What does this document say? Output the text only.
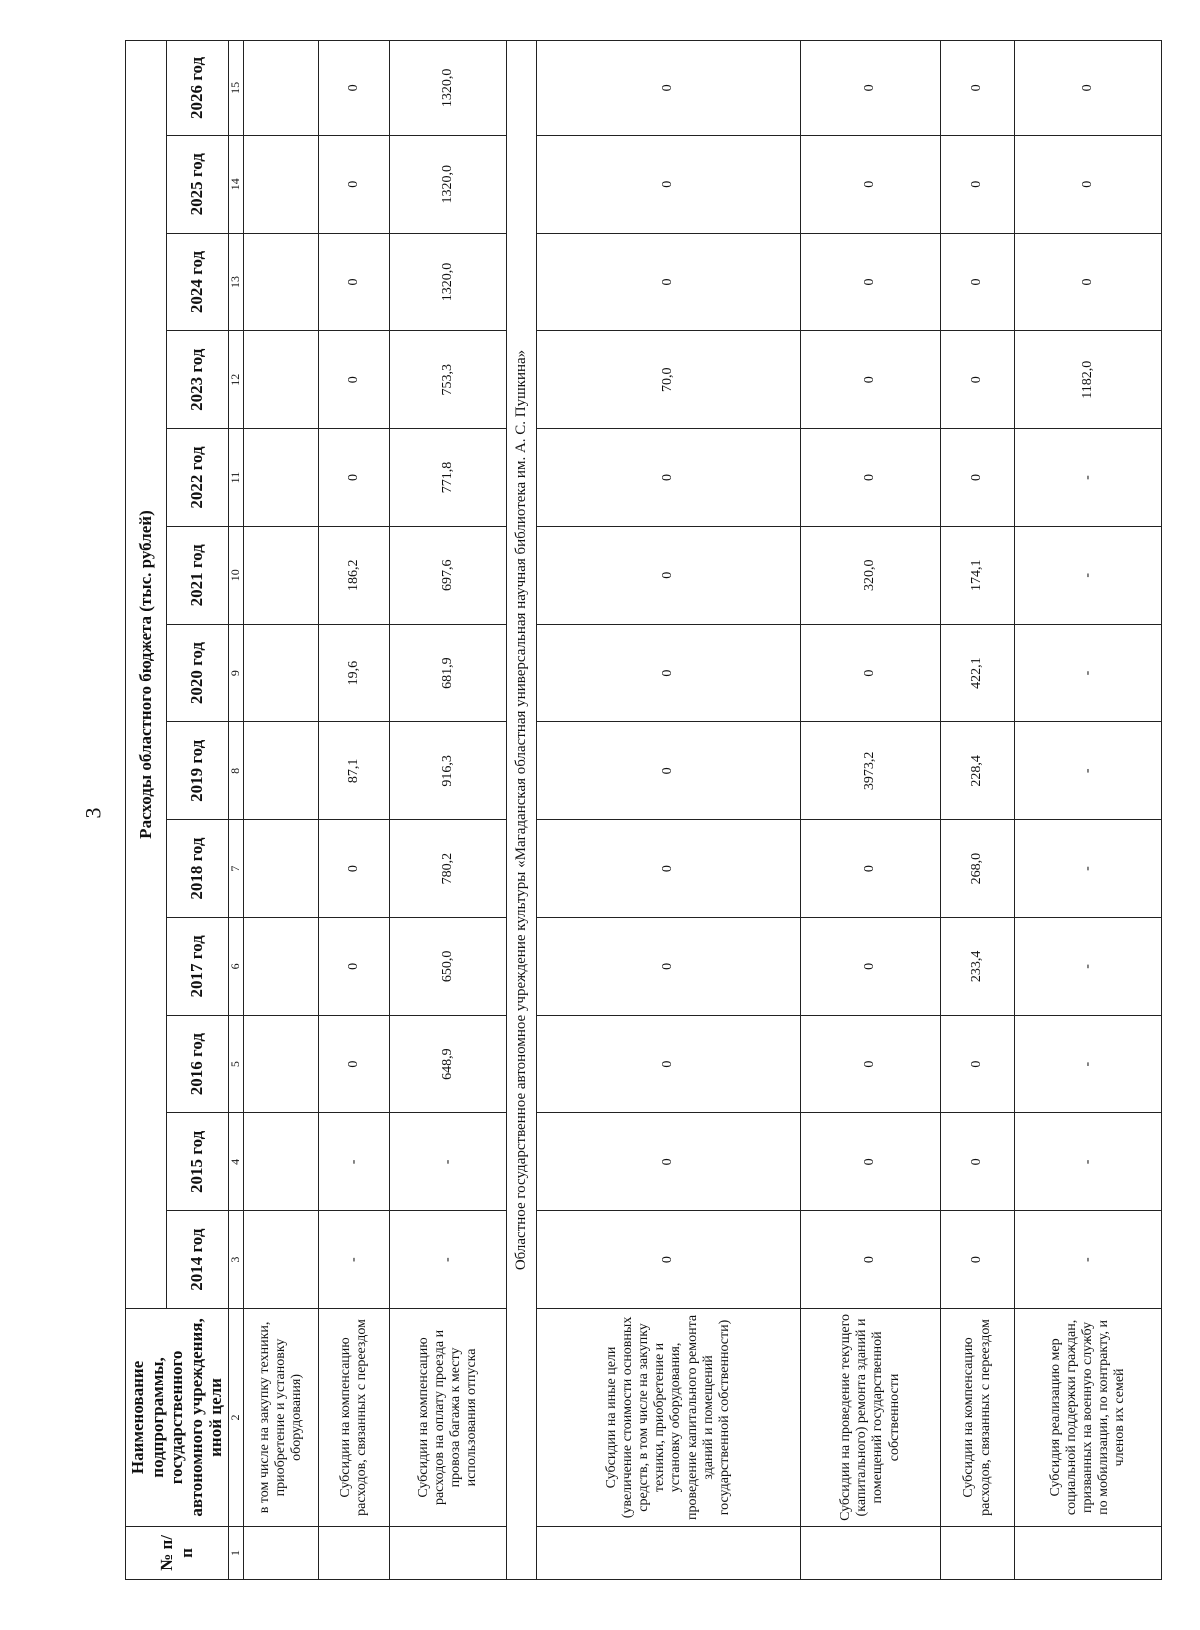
3
№ п/п	Наименование подпрограммы, государственного автономного учреждения, иной цели	Расходы областного бюджета (тыс. рублей)												
		2014 год	2015 год	2016 год	2017 год	2018 год	2019 год	2020 год	2021 год	2022 год	2023 год	2024 год	2025 год	2026 год
1	2	3	4	5	6	7	8	9	10	11	12	13	14	15
	в том числе на закупку техники, приобретение и установку оборудования)													
	Субсидии на компенсацию расходов, связанных с переездом	-	-	0	0	0	87,1	19,6	186,2	0	0	0	0	0
	Субсидии на компенсацию расходов на оплату проезда и провоза багажа к месту использования отпуска	-	-	648,9	650,0	780,2	916,3	681,9	697,6	771,8	753,3	1320,0	1320,0	1320,0
Областное государственное автономное учреждение культуры «Магаданская областная универсальная научная библиотека им. А. С. Пушкина»														
	Субсидии на иные цели (увеличение стоимости основных средств, в том числе на закупку техники, приобретение и установку оборудования, проведение капитального ремонта зданий и помещений государственной собственности)	0	0	0	0	0	0	0	0	0	70,0	0	0	0
	Субсидии на проведение текущего (капитального) ремонта зданий и помещений государственной собственности	0	0	0	0	0	3973,2	0	320,0	0	0	0	0	0
	Субсидии на компенсацию расходов, связанных с переездом	0	0	0	233,4	268,0	228,4	422,1	174,1	0	0	0	0	0
	Субсидия реализацию мер социальной поддержки граждан, призванных на военную службу по мобилизации, по контракту, и членов их семей	-	-	-	-	-	-	-	-	-	1182,0	0	0	0
